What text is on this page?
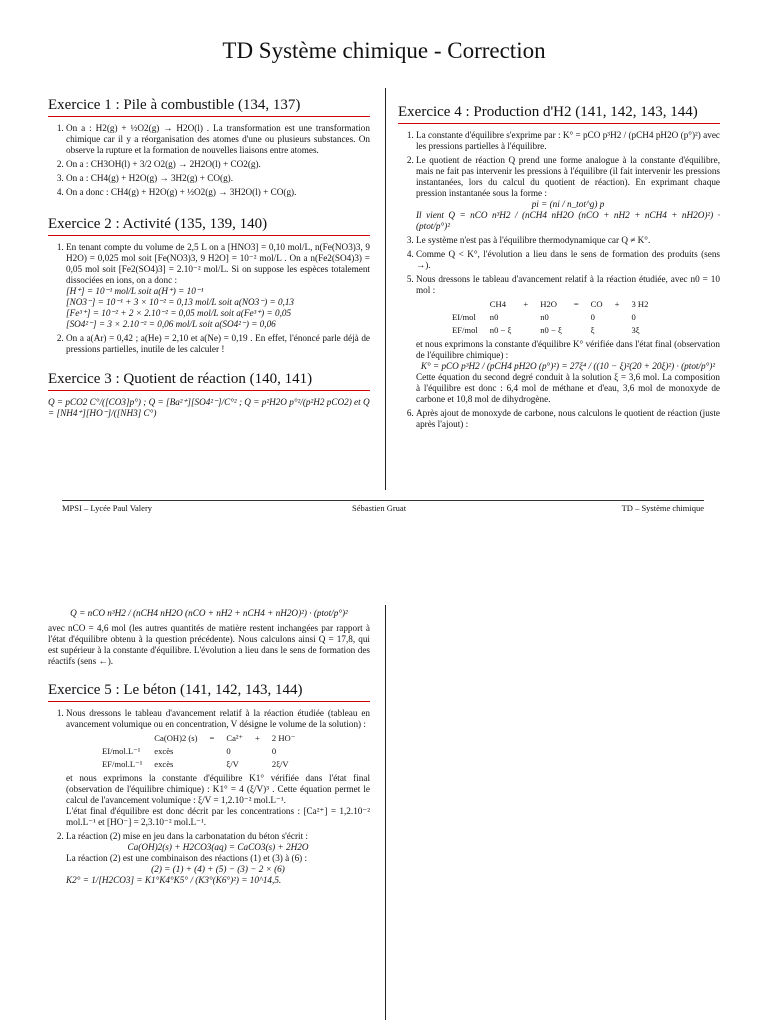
TD Système chimique - Correction
Exercice 1 : Pile à combustible (134, 137)
1. On a : H2(g) + ½O2(g) → H2O(l) . La transformation est une transformation chimique car il y a réorganisation des atomes d'une ou plusieurs substances. On observe la rupture et la formation de nouvelles liaisons entre atomes.
2. On a : CH3OH(l) + 3/2 O2(g) → 2H2O(l) + CO2(g).
3. On a : CH4(g) + H2O(g) → 3H2(g) + CO(g).
4. On a donc : CH4(g) + H2O(g) + ½O2(g) → 3H2O(l) + CO(g).
Exercice 2 : Activité (135, 139, 140)
1. En tenant compte du volume de 2,5 L on a [HNO3] = 0,10 mol/L, n(Fe(NO3)3, 9 H2O) = 0,025 mol soit [Fe(NO3)3, 9 H2O] = 10⁻² mol/L . On a n(Fe2(SO4)3) = 0,05 mol soit [Fe2(SO4)3] = 2.10⁻² mol/L. Si on suppose les espèces totalement dissociées en ions, on a donc :
[H⁺] = 10⁻¹ mol/L soit a(H⁺) = 10⁻¹
[NO3⁻] = 10⁻¹ + 3 × 10⁻² = 0,13 mol/L soit a(NO3⁻) = 0,13
[Fe³⁺] = 10⁻² + 2 × 2.10⁻² = 0,05 mol/L soit a(Fe³⁺) = 0,05
[SO4²⁻] = 3 × 2.10⁻² = 0,06 mol/L soit a(SO4²⁻) = 0,06
2. On a a(Ar) = 0,42 ; a(He) = 2,10 et a(Ne) = 0,19 . En effet, l'énoncé parle déjà de pressions partielles, inutile de les calculer !
Exercice 3 : Quotient de réaction (140, 141)
Q = pCO2 C°/([CO3]p°) ; Q = [Ba²⁺][SO4²⁻]/C°² ; Q = p²H2O p°²/(p²H2 pCO2) et Q = [NH4⁺][HO⁻]/([NH3] C°)
Exercice 4 : Production d'H2 (141, 142, 143, 144)
1. La constante d'équilibre s'exprime par : K° = pCO p³H2 / (pCH4 pH2O (p°)²) avec les pressions partielles à l'équilibre.
2. Le quotient de réaction Q prend une forme analogue à la constante d'équilibre, mais ne fait pas intervenir les pressions à l'équilibre (il fait intervenir les pressions instantanées, lors du calcul du quotient de réaction). En exprimant chaque pression instantanée sous la forme :
pi = (ni / n_tot^g) p
Il vient Q = nCO n³H2 / (nCH4 nH2O (nCO + nH2 + nCH4 + nH2O)²) · (ptot/p°)²
3. Le système n'est pas à l'équilibre thermodynamique car Q ≠ K°.
4. Comme Q < K°, l'évolution a lieu dans le sens de formation des produits (sens →).
5. Nous dressons le tableau d'avancement relatif à la réaction étudiée, avec n0 = 10 mol :
	CH4	+	H2O	=	CO	+	3 H2
EI/mol	n0		n0		0		0
EF/mol	n0 − ξ		n0 − ξ		ξ		3ξ
et nous exprimons la constante d'équilibre K° vérifiée dans l'état final (observation de l'équilibre chimique) :
K° = pCO p³H2 / (pCH4 pH2O (p°)²) = 27ξ⁴ / ((10 − ξ)²(20 + 20ξ)²) · (ptot/p°)²
Cette équation du second degré conduit à la solution ξ = 3,6 mol. La composition à l'équilibre est donc : 6,4 mol de méthane et d'eau, 3,6 mol de monoxyde de carbone et 10,8 mol de dihydrogène.
6. Après ajout de monoxyde de carbone, nous calculons le quotient de réaction (juste après l'ajout) :
MPSI – Lycée Paul Valery	Sébastien Gruat	TD – Système chimique
Q = nCO n³H2 / (nCH4 nH2O (nCO + nH2 + nCH4 + nH2O)²) · (ptot/p°)²
avec nCO = 4,6 mol (les autres quantités de matière restent inchangées par rapport à l'état d'équilibre obtenu à la question précédente). Nous calculons ainsi Q = 17,8, qui est supérieur à la constante d'équilibre. L'évolution a lieu dans le sens de formation des réactifs (sens ←).
Exercice 5 : Le béton (141, 142, 143, 144)
1. Nous dressons le tableau d'avancement relatif à la réaction étudiée (tableau en avancement volumique ou en concentration, V désigne le volume de la solution) :
	Ca(OH)2 (s)	=	Ca²⁺	+	2 HO⁻
EI/mol.L⁻¹	excès		0		0
EF/mol.L⁻¹	excès		ξ/V		2ξ/V
et nous exprimons la constante d'équilibre K1° vérifiée dans l'état final (observation de l'équilibre chimique) : K1° = 4 (ξ/V)³ . Cette équation permet le calcul de l'avancement volumique : ξ/V = 1,2.10⁻² mol.L⁻¹.
L'état final d'équilibre est donc décrit par les concentrations : [Ca²⁺] = 1,2.10⁻² mol.L⁻¹ et [HO⁻] = 2,3.10⁻² mol.L⁻¹.
2. La réaction (2) mise en jeu dans la carbonatation du béton s'écrit :
Ca(OH)2(s) + H2CO3(aq) = CaCO3(s) + 2H2O
La réaction (2) est une combinaison des réactions (1) et (3) à (6) :
(2) = (1) + (4) + (5) − (3) − 2 × (6)
K2° = 1/[H2CO3] = K1°K4°K5° / (K3°(K6°)²) = 10^14,5.
